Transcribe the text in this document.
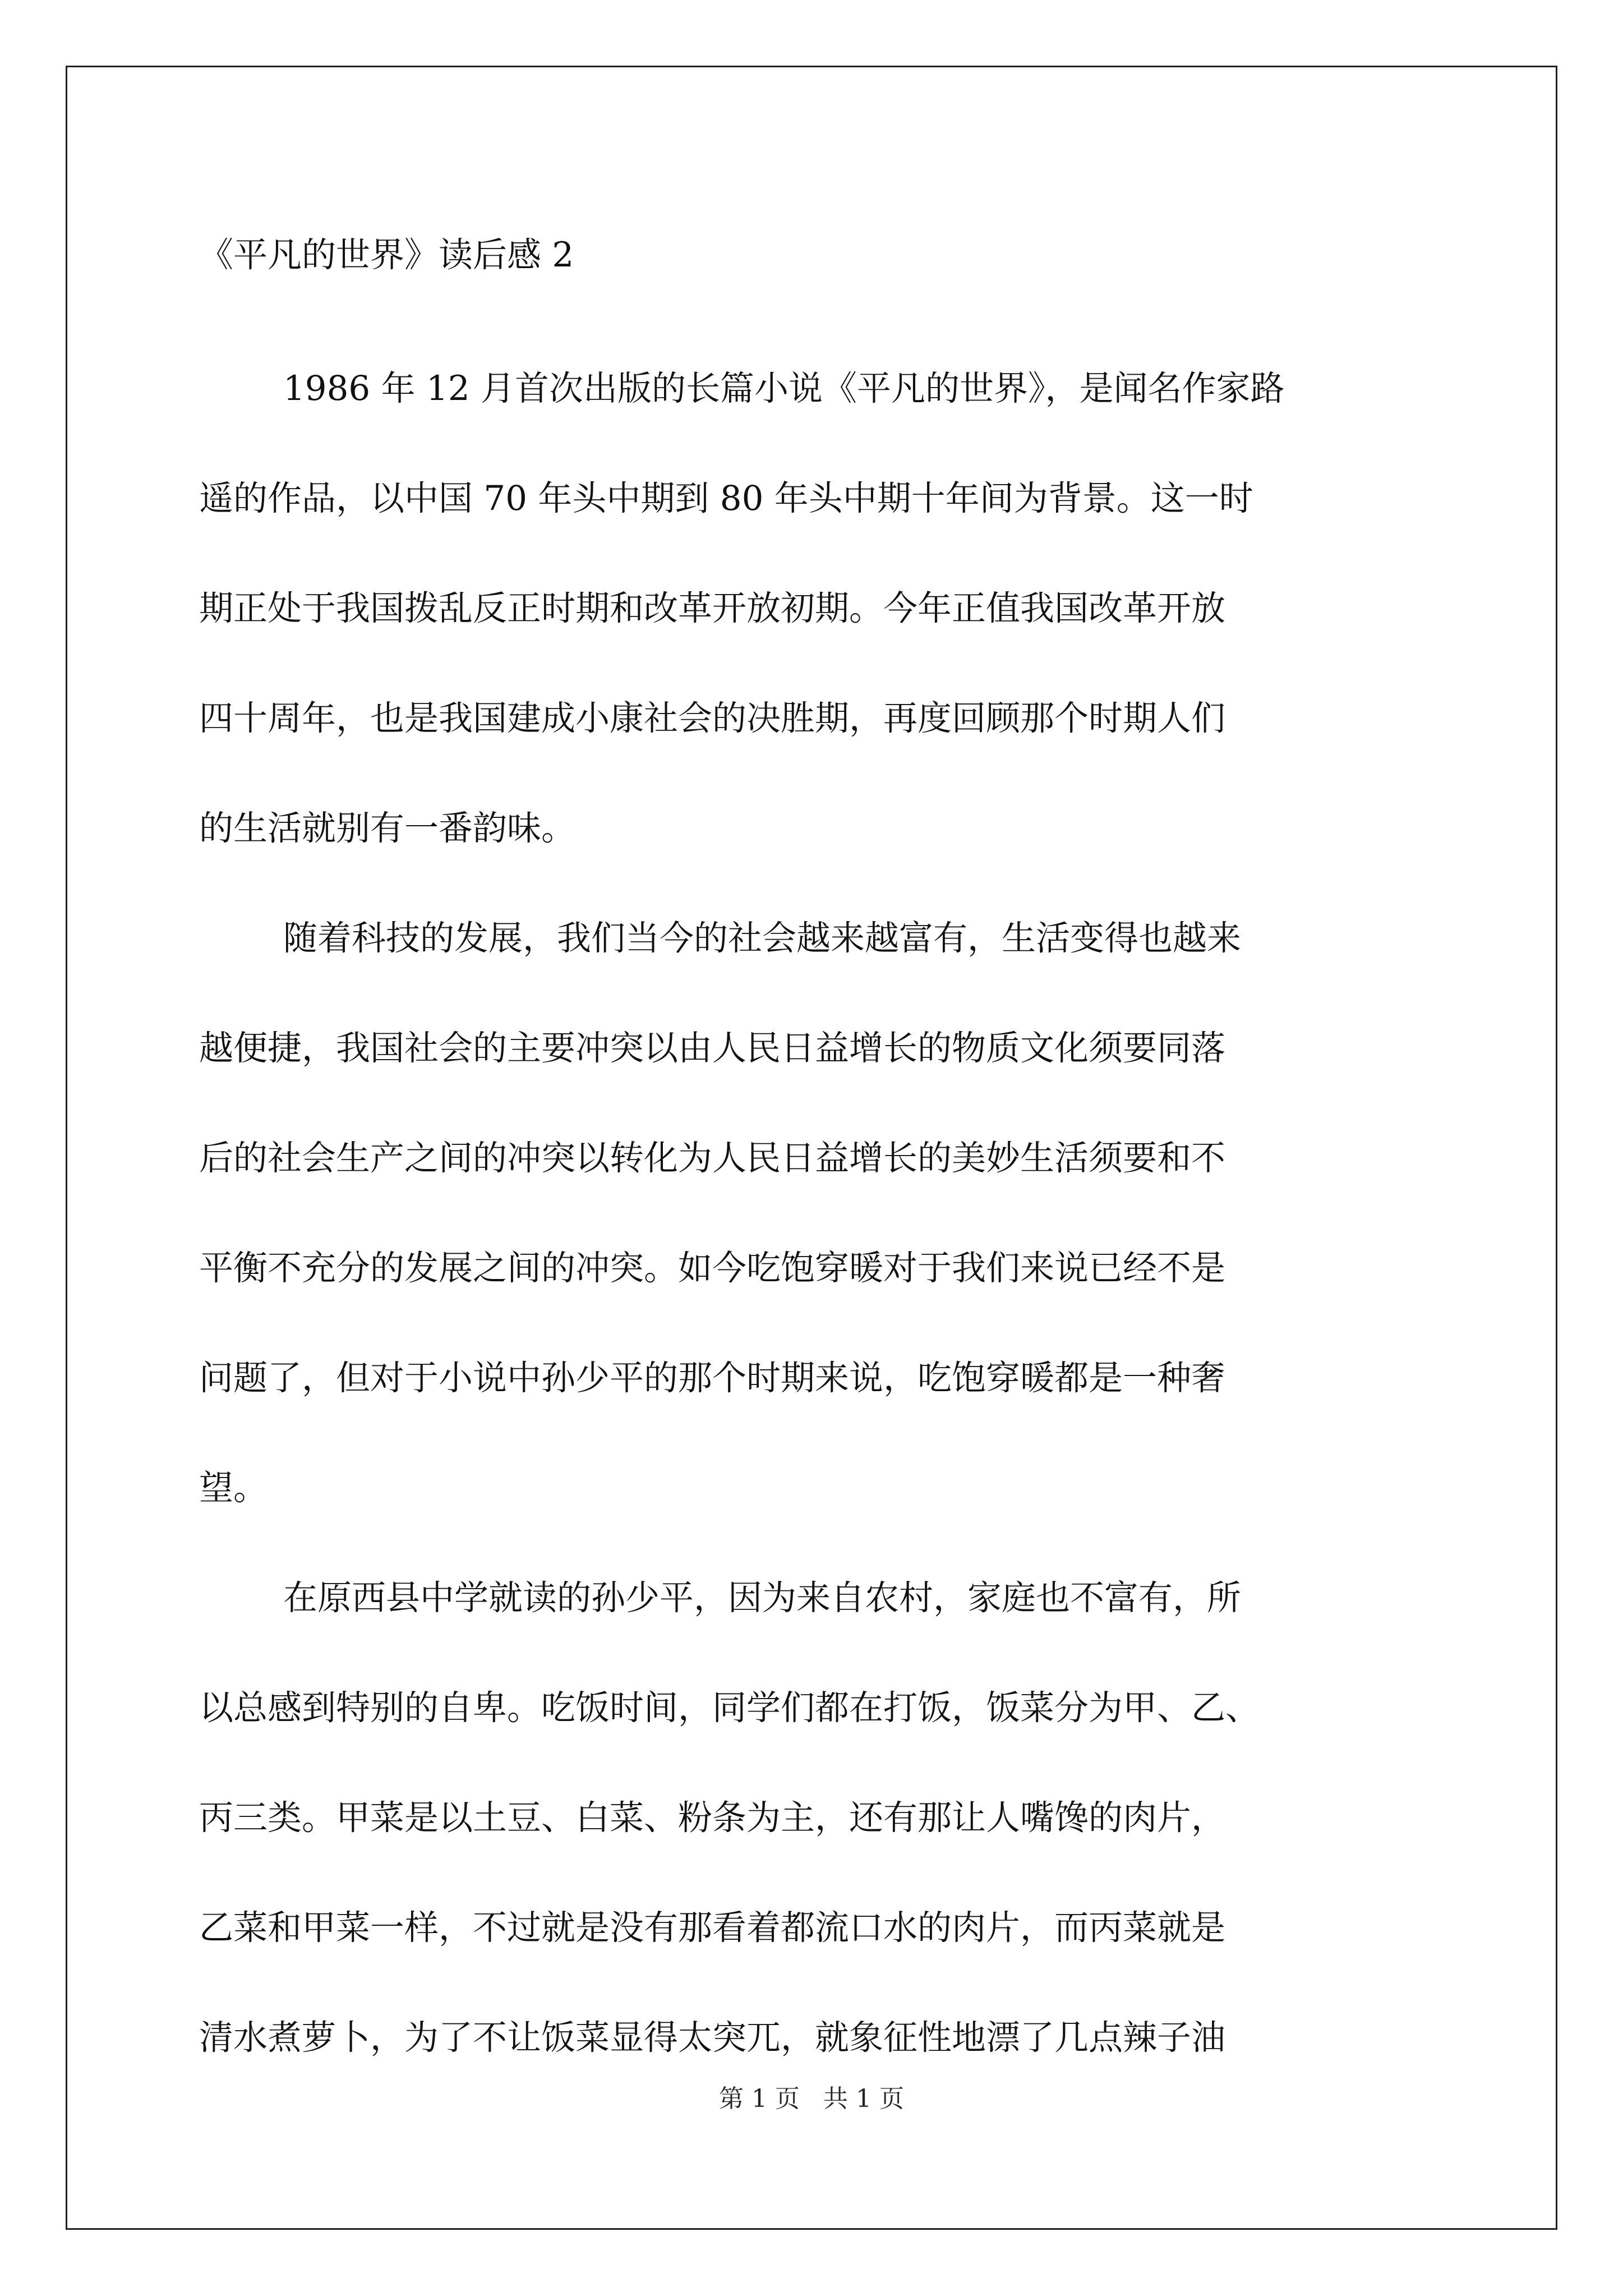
《平凡的世界》读后感 2

1986 年 12 月首次出版的长篇小说《平凡的世界》，是闻名作家路
遥的作品，以中国 70 年头中期到 80 年头中期十年间为背景。这一时
期正处于我国拨乱反正时期和改革开放初期。今年正值我国改革开放
四十周年，也是我国建成小康社会的决胜期，再度回顾那个时期人们
的生活就别有一番韵味。

随着科技的发展，我们当今的社会越来越富有，生活变得也越来
越便捷，我国社会的主要冲突以由人民日益增长的物质文化须要同落
后的社会生产之间的冲突以转化为人民日益增长的美妙生活须要和不
平衡不充分的发展之间的冲突。如今吃饱穿暖对于我们来说已经不是
问题了，但对于小说中孙少平的那个时期来说，吃饱穿暖都是一种奢
望。

在原西县中学就读的孙少平，因为来自农村，家庭也不富有，所
以总感到特别的自卑。吃饭时间，同学们都在打饭，饭菜分为甲、乙、
丙三类。甲菜是以土豆、白菜、粉条为主，还有那让人嘴馋的肉片，
乙菜和甲菜一样，不过就是没有那看着都流口水的肉片，而丙菜就是
清水煮萝卜，为了不让饭菜显得太突兀，就象征性地漂了几点辣子油

第 1 页   共 1 页
